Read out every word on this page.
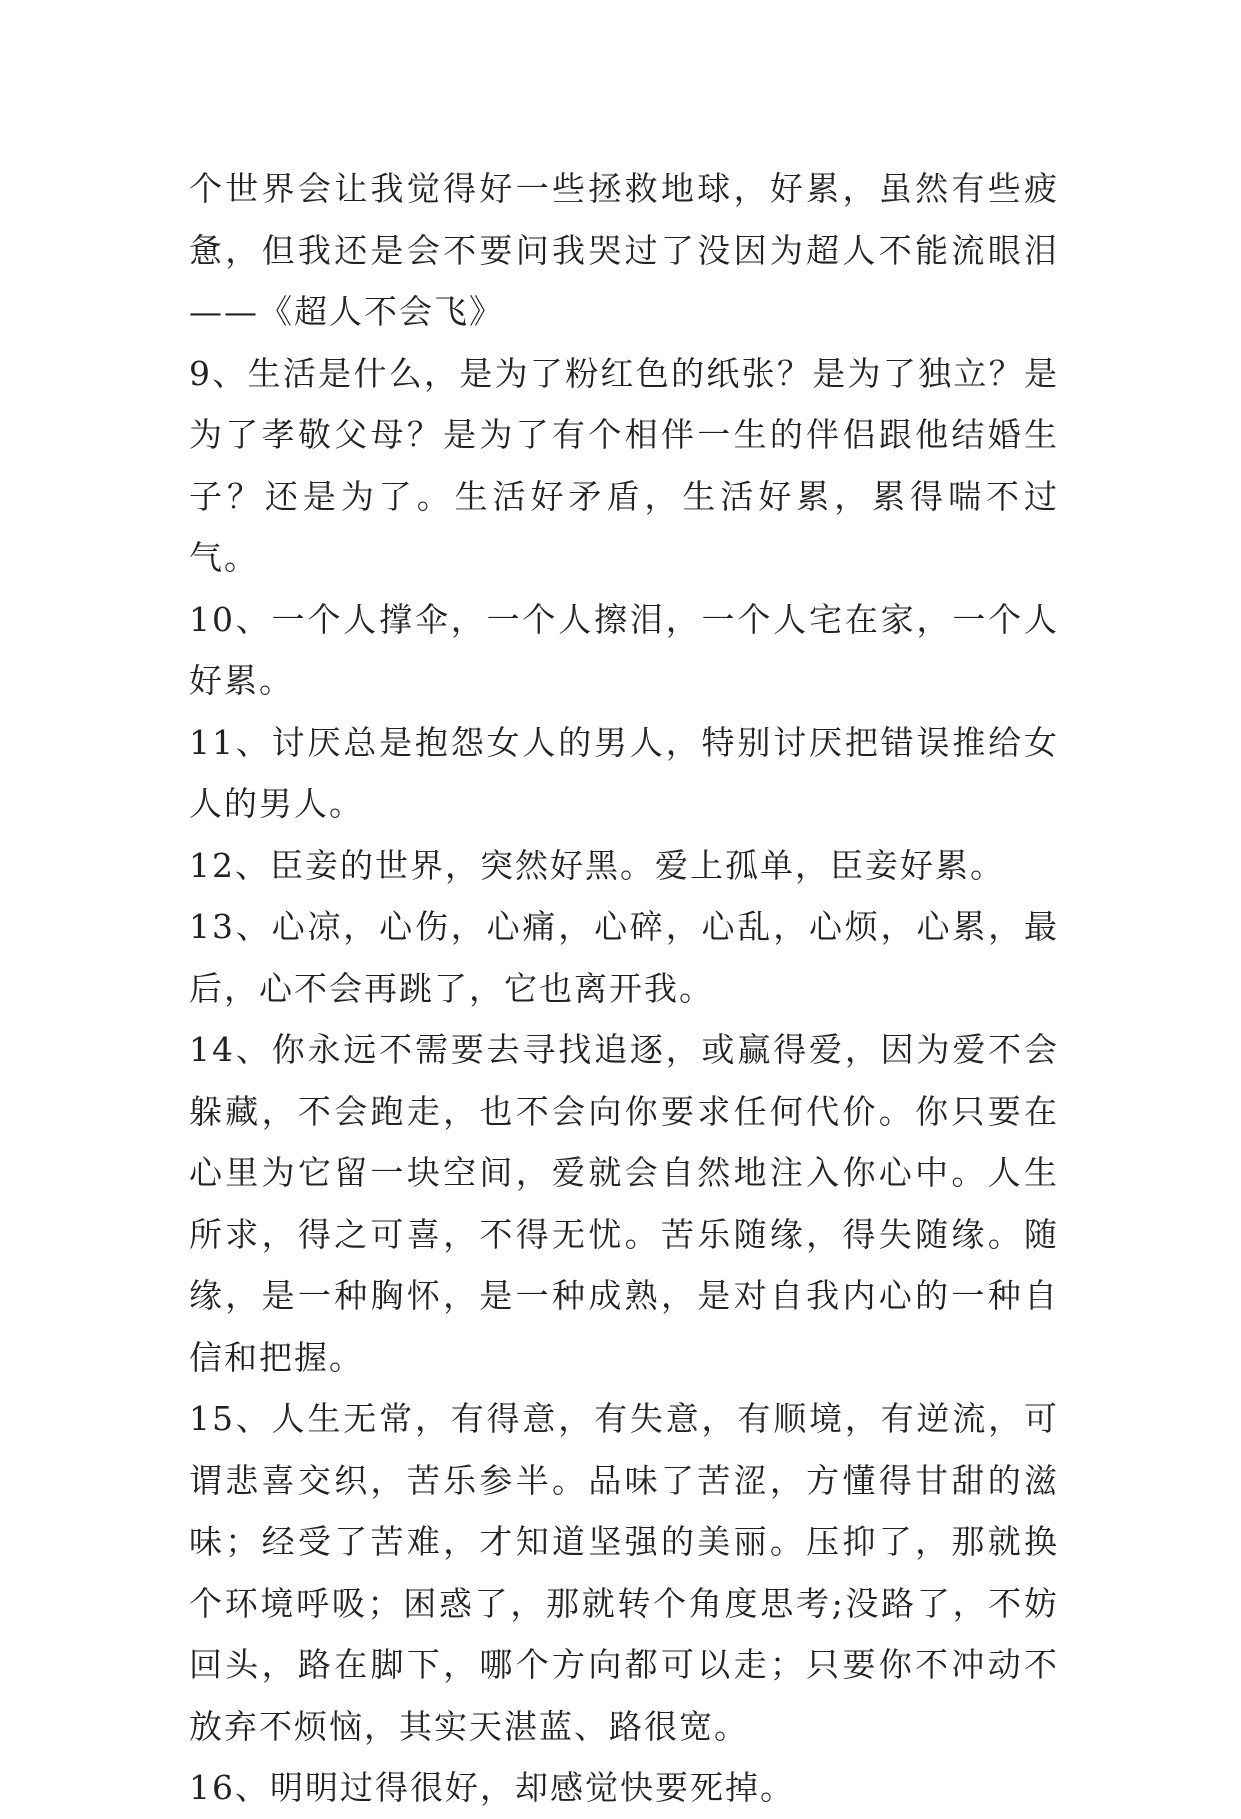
个世界会让我觉得好一些拯救地球，好累，虽然有些疲惫，但我还是会不要问我哭过了没因为超人不能流眼泪——《超人不会飞》

9、生活是什么，是为了粉红色的纸张？是为了独立？是为了孝敬父母？是为了有个相伴一生的伴侣跟他结婚生子？还是为了。生活好矛盾，生活好累，累得喘不过气。

10、一个人撑伞，一个人擦泪，一个人宅在家，一个人好累。

11、讨厌总是抱怨女人的男人，特别讨厌把错误推给女人的男人。

12、臣妾的世界，突然好黑。爱上孤单，臣妾好累。

13、心凉，心伤，心痛，心碎，心乱，心烦，心累，最后，心不会再跳了，它也离开我。

14、你永远不需要去寻找追逐，或赢得爱，因为爱不会躲藏，不会跑走，也不会向你要求任何代价。你只要在心里为它留一块空间，爱就会自然地注入你心中。人生所求，得之可喜，不得无忧。苦乐随缘，得失随缘。随缘，是一种胸怀，是一种成熟，是对自我内心的一种自信和把握。

15、人生无常，有得意，有失意，有顺境，有逆流，可谓悲喜交织，苦乐参半。品味了苦涩，方懂得甘甜的滋味；经受了苦难，才知道坚强的美丽。压抑了，那就换个环境呼吸；困惑了，那就转个角度思考;没路了，不妨回头，路在脚下，哪个方向都可以走；只要你不冲动不放弃不烦恼，其实天湛蓝、路很宽。

16、明明过得很好，却感觉快要死掉。
